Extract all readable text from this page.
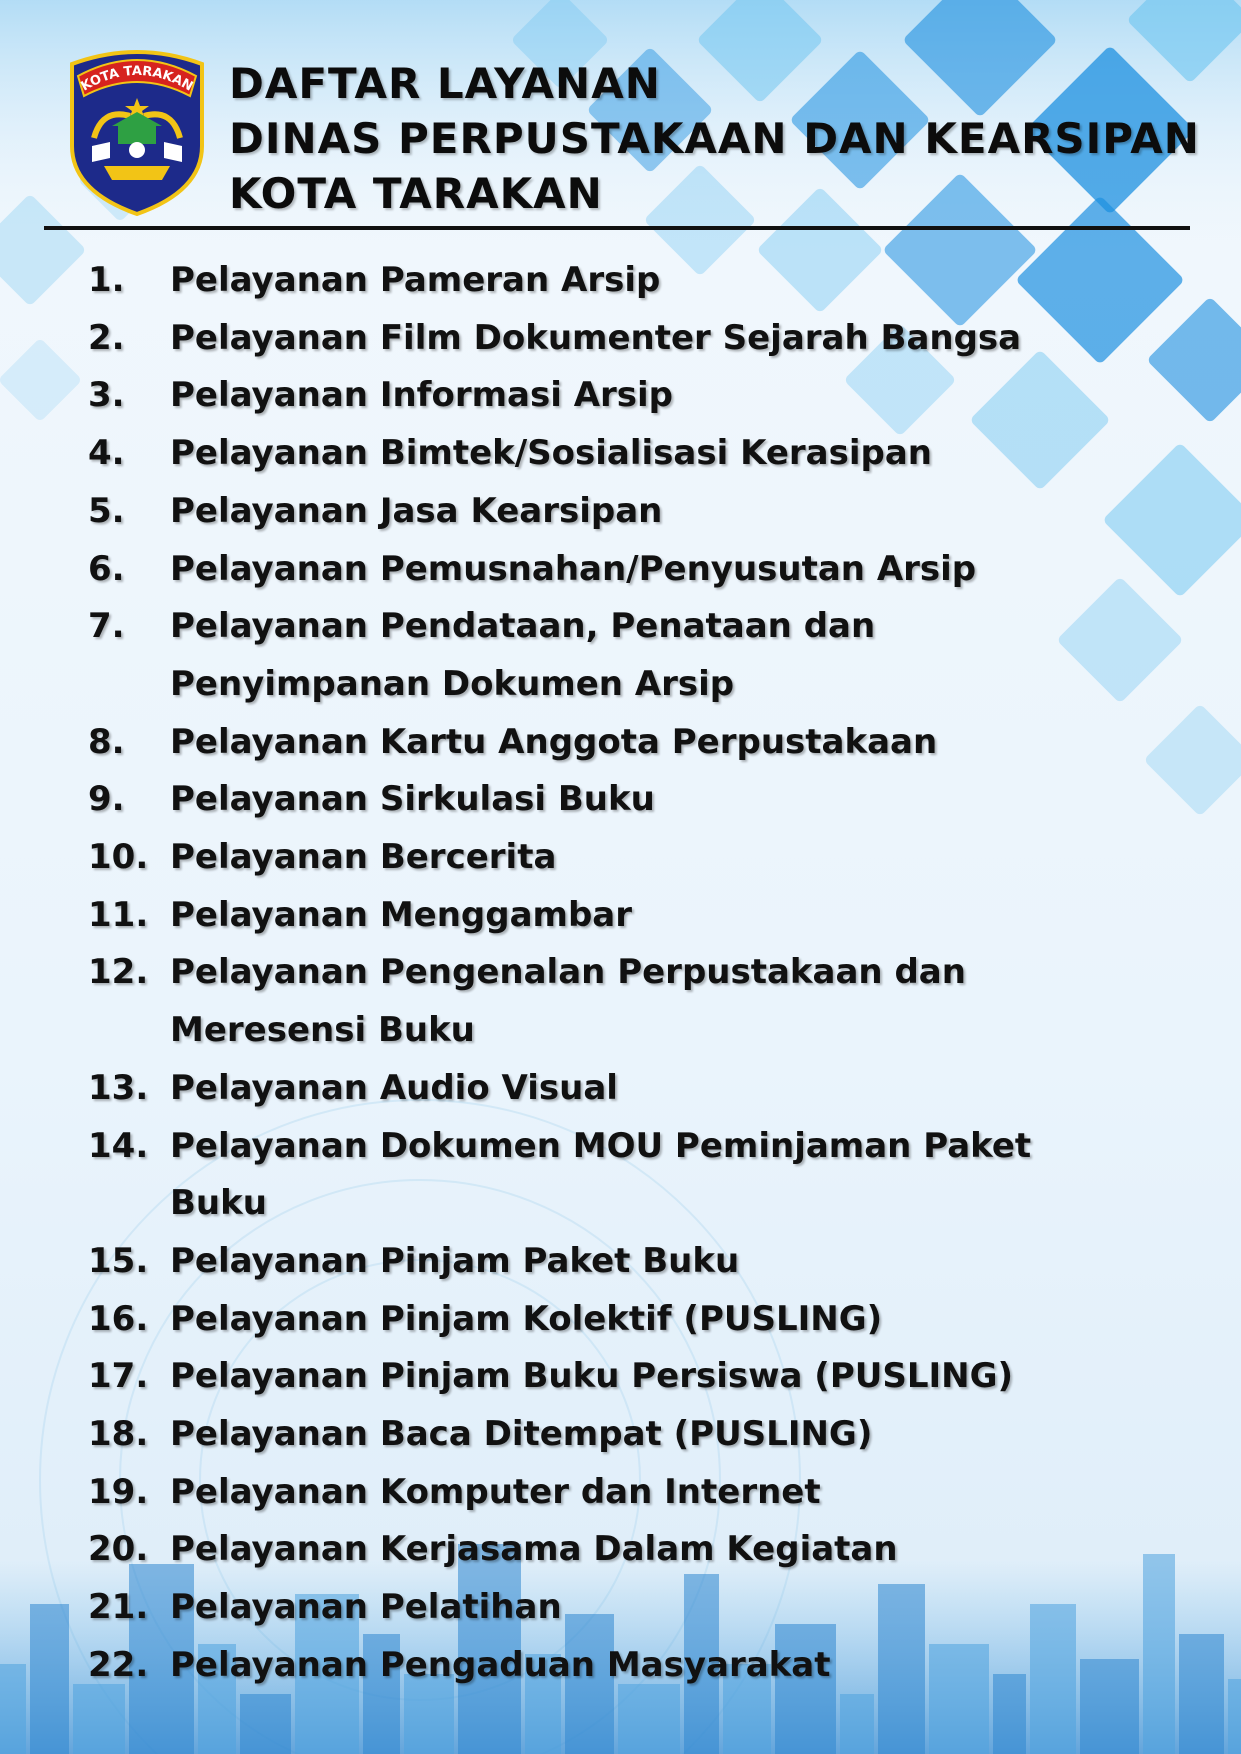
KOTA TARAKAN DAFTAR LAYANAN
DINAS PERPUSTAKAAN DAN KEARSIPAN
KOTA TARAKAN
1.	Pelayanan Pameran Arsip
2.	Pelayanan Film Dokumenter Sejarah Bangsa
3.	Pelayanan Informasi Arsip
4.	Pelayanan Bimtek/Sosialisasi Kerasipan
5.	Pelayanan Jasa Kearsipan
6.	Pelayanan Pemusnahan/Penyusutan Arsip
7.	Pelayanan Pendataan, Penataan dan
Penyimpanan Dokumen Arsip
8.	Pelayanan Kartu Anggota Perpustakaan
9.	Pelayanan Sirkulasi Buku
10. Pelayanan Bercerita
11. Pelayanan Menggambar
12. Pelayanan Pengenalan Perpustakaan dan
Meresensi Buku
13. Pelayanan Audio Visual
14. Pelayanan Dokumen MOU Peminjaman Paket
Buku
15. Pelayanan Pinjam Paket Buku
16. Pelayanan Pinjam Kolektif (PUSLING)
17. Pelayanan Pinjam Buku Persiswa (PUSLING)
18. Pelayanan Baca Ditempat (PUSLING)
19. Pelayanan Komputer dan Internet
20. Pelayanan Kerjasama Dalam Kegiatan
21. Pelayanan Pelatihan
22. Pelayanan Pengaduan Masyarakat
